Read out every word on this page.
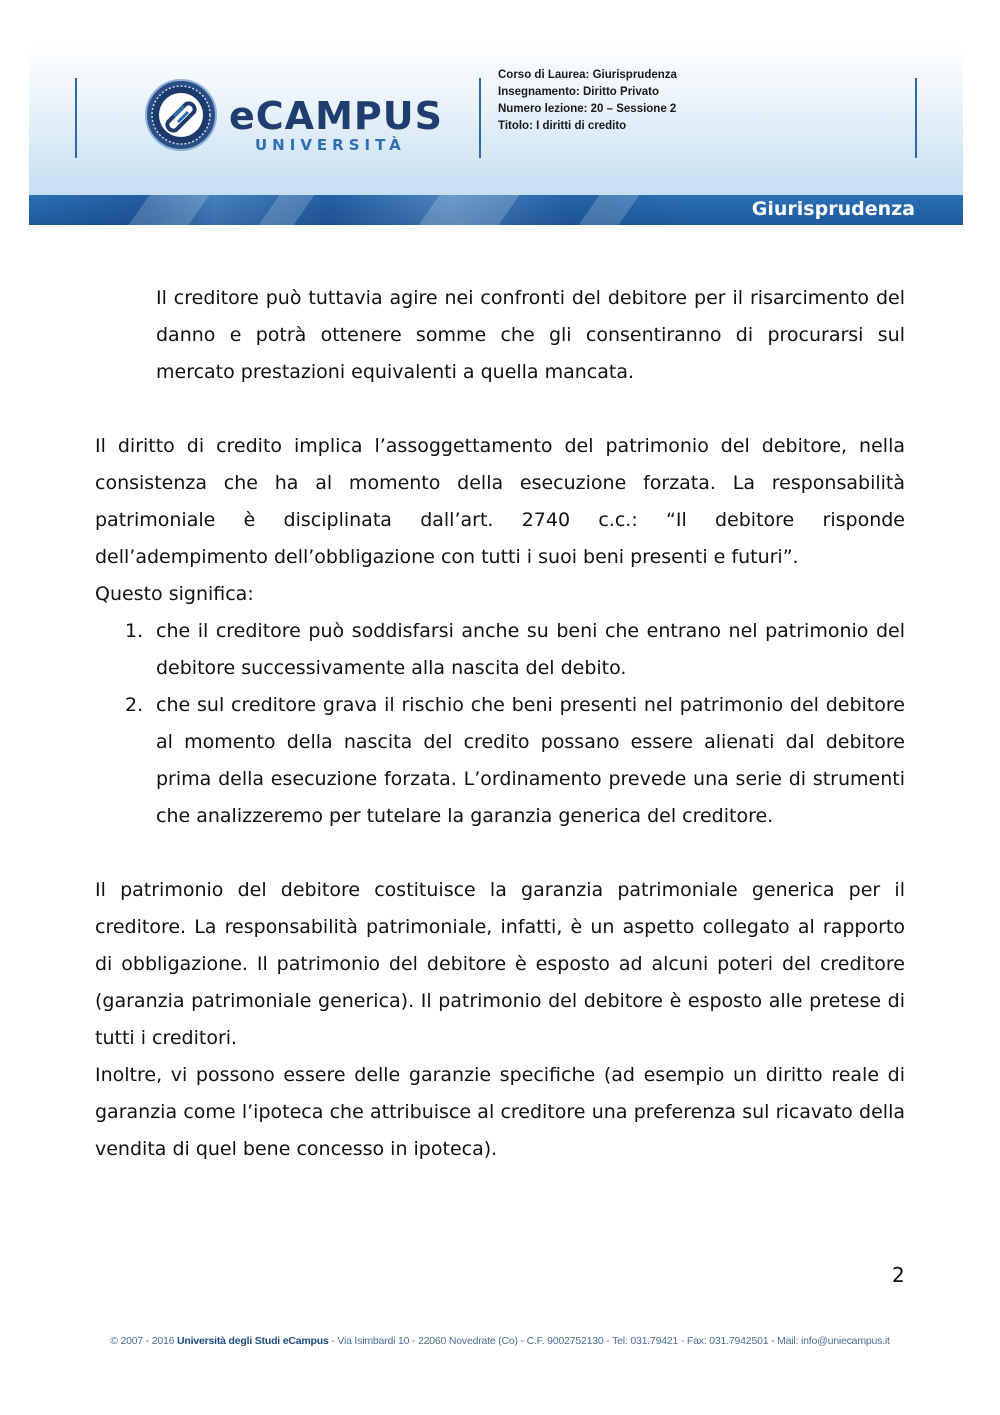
eCAMPUS
UNIVERSITÀ
Corso di Laurea: Giurisprudenza
Insegnamento: Diritto Privato
Numero lezione: 20 – Sessione 2
Titolo: I diritti di credito
Giurisprudenza

Il creditore può tuttavia agire nei confronti del debitore per il risarcimento del danno e potrà ottenere somme che gli consentiranno di procurarsi sul mercato prestazioni equivalenti a quella mancata.

Il diritto di credito implica l’assoggettamento del patrimonio del debitore, nella consistenza che ha al momento della esecuzione forzata. La responsabilità patrimoniale è disciplinata dall’art. 2740 c.c.: “Il debitore risponde dell’adempimento dell’obbligazione con tutti i suoi beni presenti e futuri”.

Questo significa:

1. che il creditore può soddisfarsi anche su beni che entrano nel patrimonio del debitore successivamente alla nascita del debito.
2. che sul creditore grava il rischio che beni presenti nel patrimonio del debitore al momento della nascita del credito possano essere alienati dal debitore prima della esecuzione forzata. L’ordinamento prevede una serie di strumenti che analizzeremo per tutelare la garanzia generica del creditore.

Il patrimonio del debitore costituisce la garanzia patrimoniale generica per il creditore. La responsabilità patrimoniale, infatti, è un aspetto collegato al rapporto di obbligazione. Il patrimonio del debitore è esposto ad alcuni poteri del creditore (garanzia patrimoniale generica). Il patrimonio del debitore è esposto alle pretese di tutti i creditori.

Inoltre, vi possono essere delle garanzie specifiche (ad esempio un diritto reale di garanzia come l’ipoteca che attribuisce al creditore una preferenza sul ricavato della vendita di quel bene concesso in ipoteca).

2
© 2007 - 2016 Università degli Studi eCampus - Via Isimbardi 10 - 22060 Novedrate (Co) - C.F. 9002752130 - Tel: 031.79421 - Fax: 031.7942501 - Mail: info@uniecampus.it
